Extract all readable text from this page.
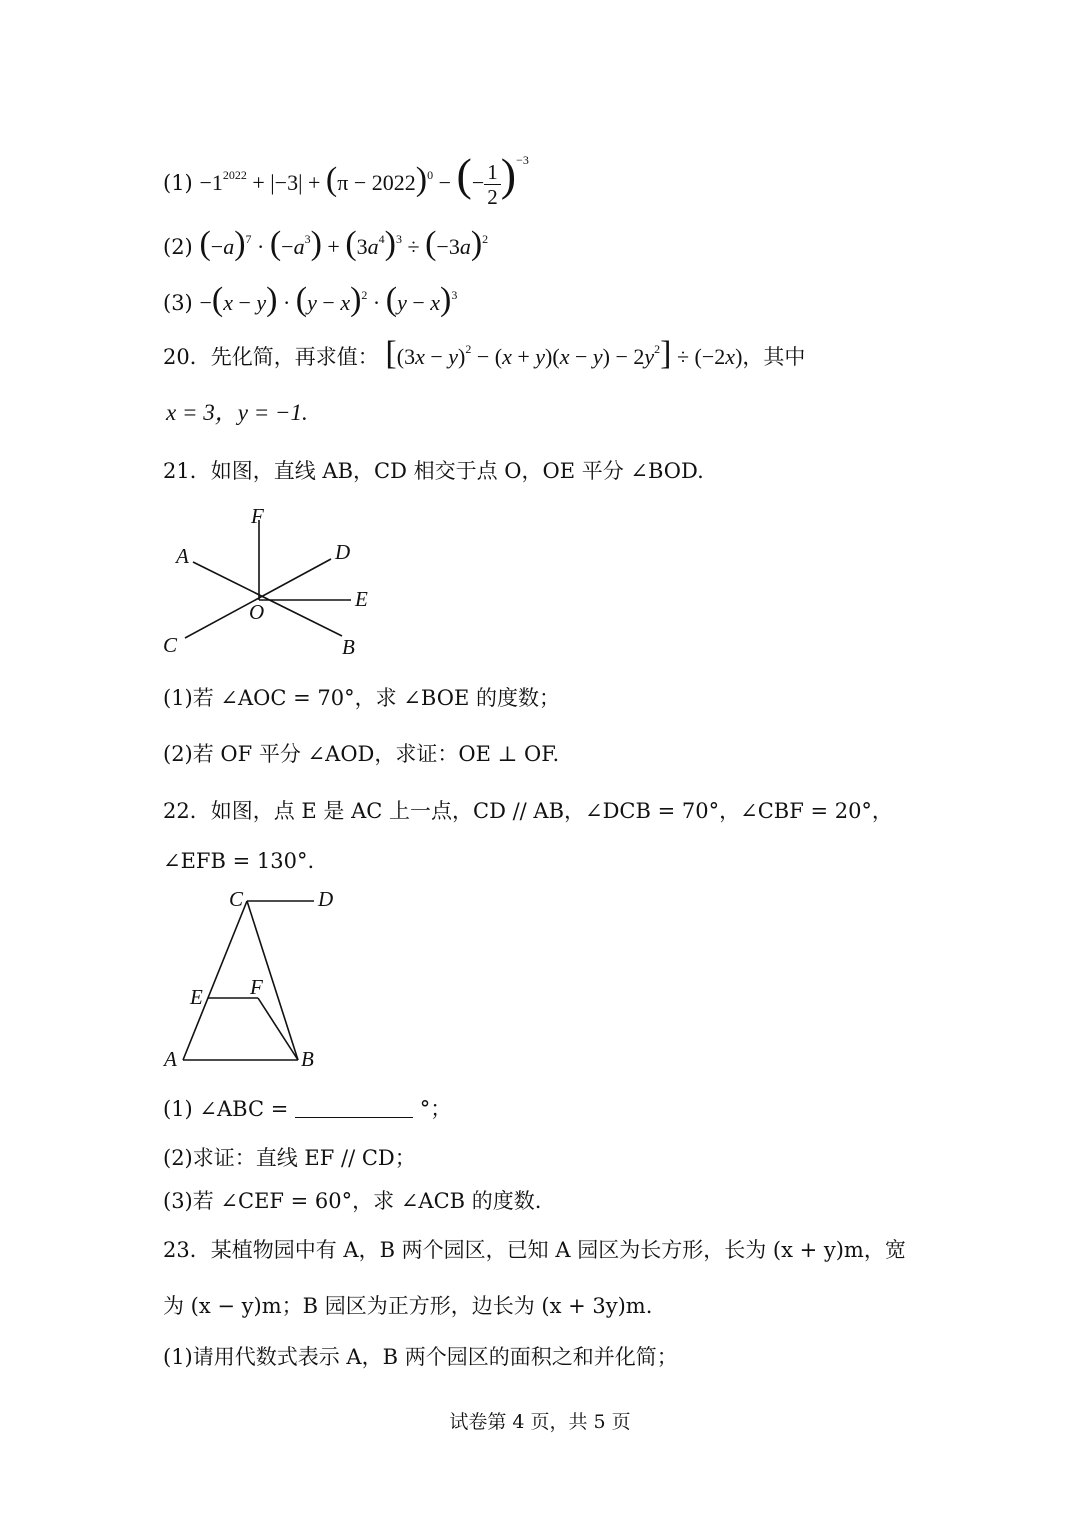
$(1) -1^{2022} + |-3| + (\pi - 2022)^0$ − (− $\frac{1}{2} )^{-3}$
(2) $(-a)^7 \cdot (-a^3) + (3a^4)^3 \div (-3a)^2$
$(3) -(x - y) \cdot (y - x)^2 \cdot (y - x)^3$
20．先化简，再求值： $[(3x - y)^2 - (x + y)(x - y) - 2y^2] \div (-2x)$，其中
x = 3，y = −1.
21．如图，直线 AB，CD 相交于点 O，OE 平分 ∠BOD.
F
A	D
E
O
C	B
(1)若 ∠AOC = 70°，求 ∠BOE 的度数；
(2)若 OF 平分 ∠AOD，求证：OE ⊥ OF.
22．如图，点 E 是 AC 上一点，CD // AB，∠DCB = 70°，∠CBF = 20°，
∠EFB = 130°.
C	D
E F
A	B
(1) ∠ABC =	°；
(2)求证：直线 EF // CD；
(3)若 ∠CEF = 60°，求 ∠ACB 的度数.
23．某植物园中有 A，B 两个园区，已知 A 园区为长方形，长为 (x + y)m，宽
为 (x − y)m；B 园区为正方形，边长为 (x + 3y)m.
(1)请用代数式表示 A，B 两个园区的面积之和并化简；
试卷第 4 页，共 5 页
